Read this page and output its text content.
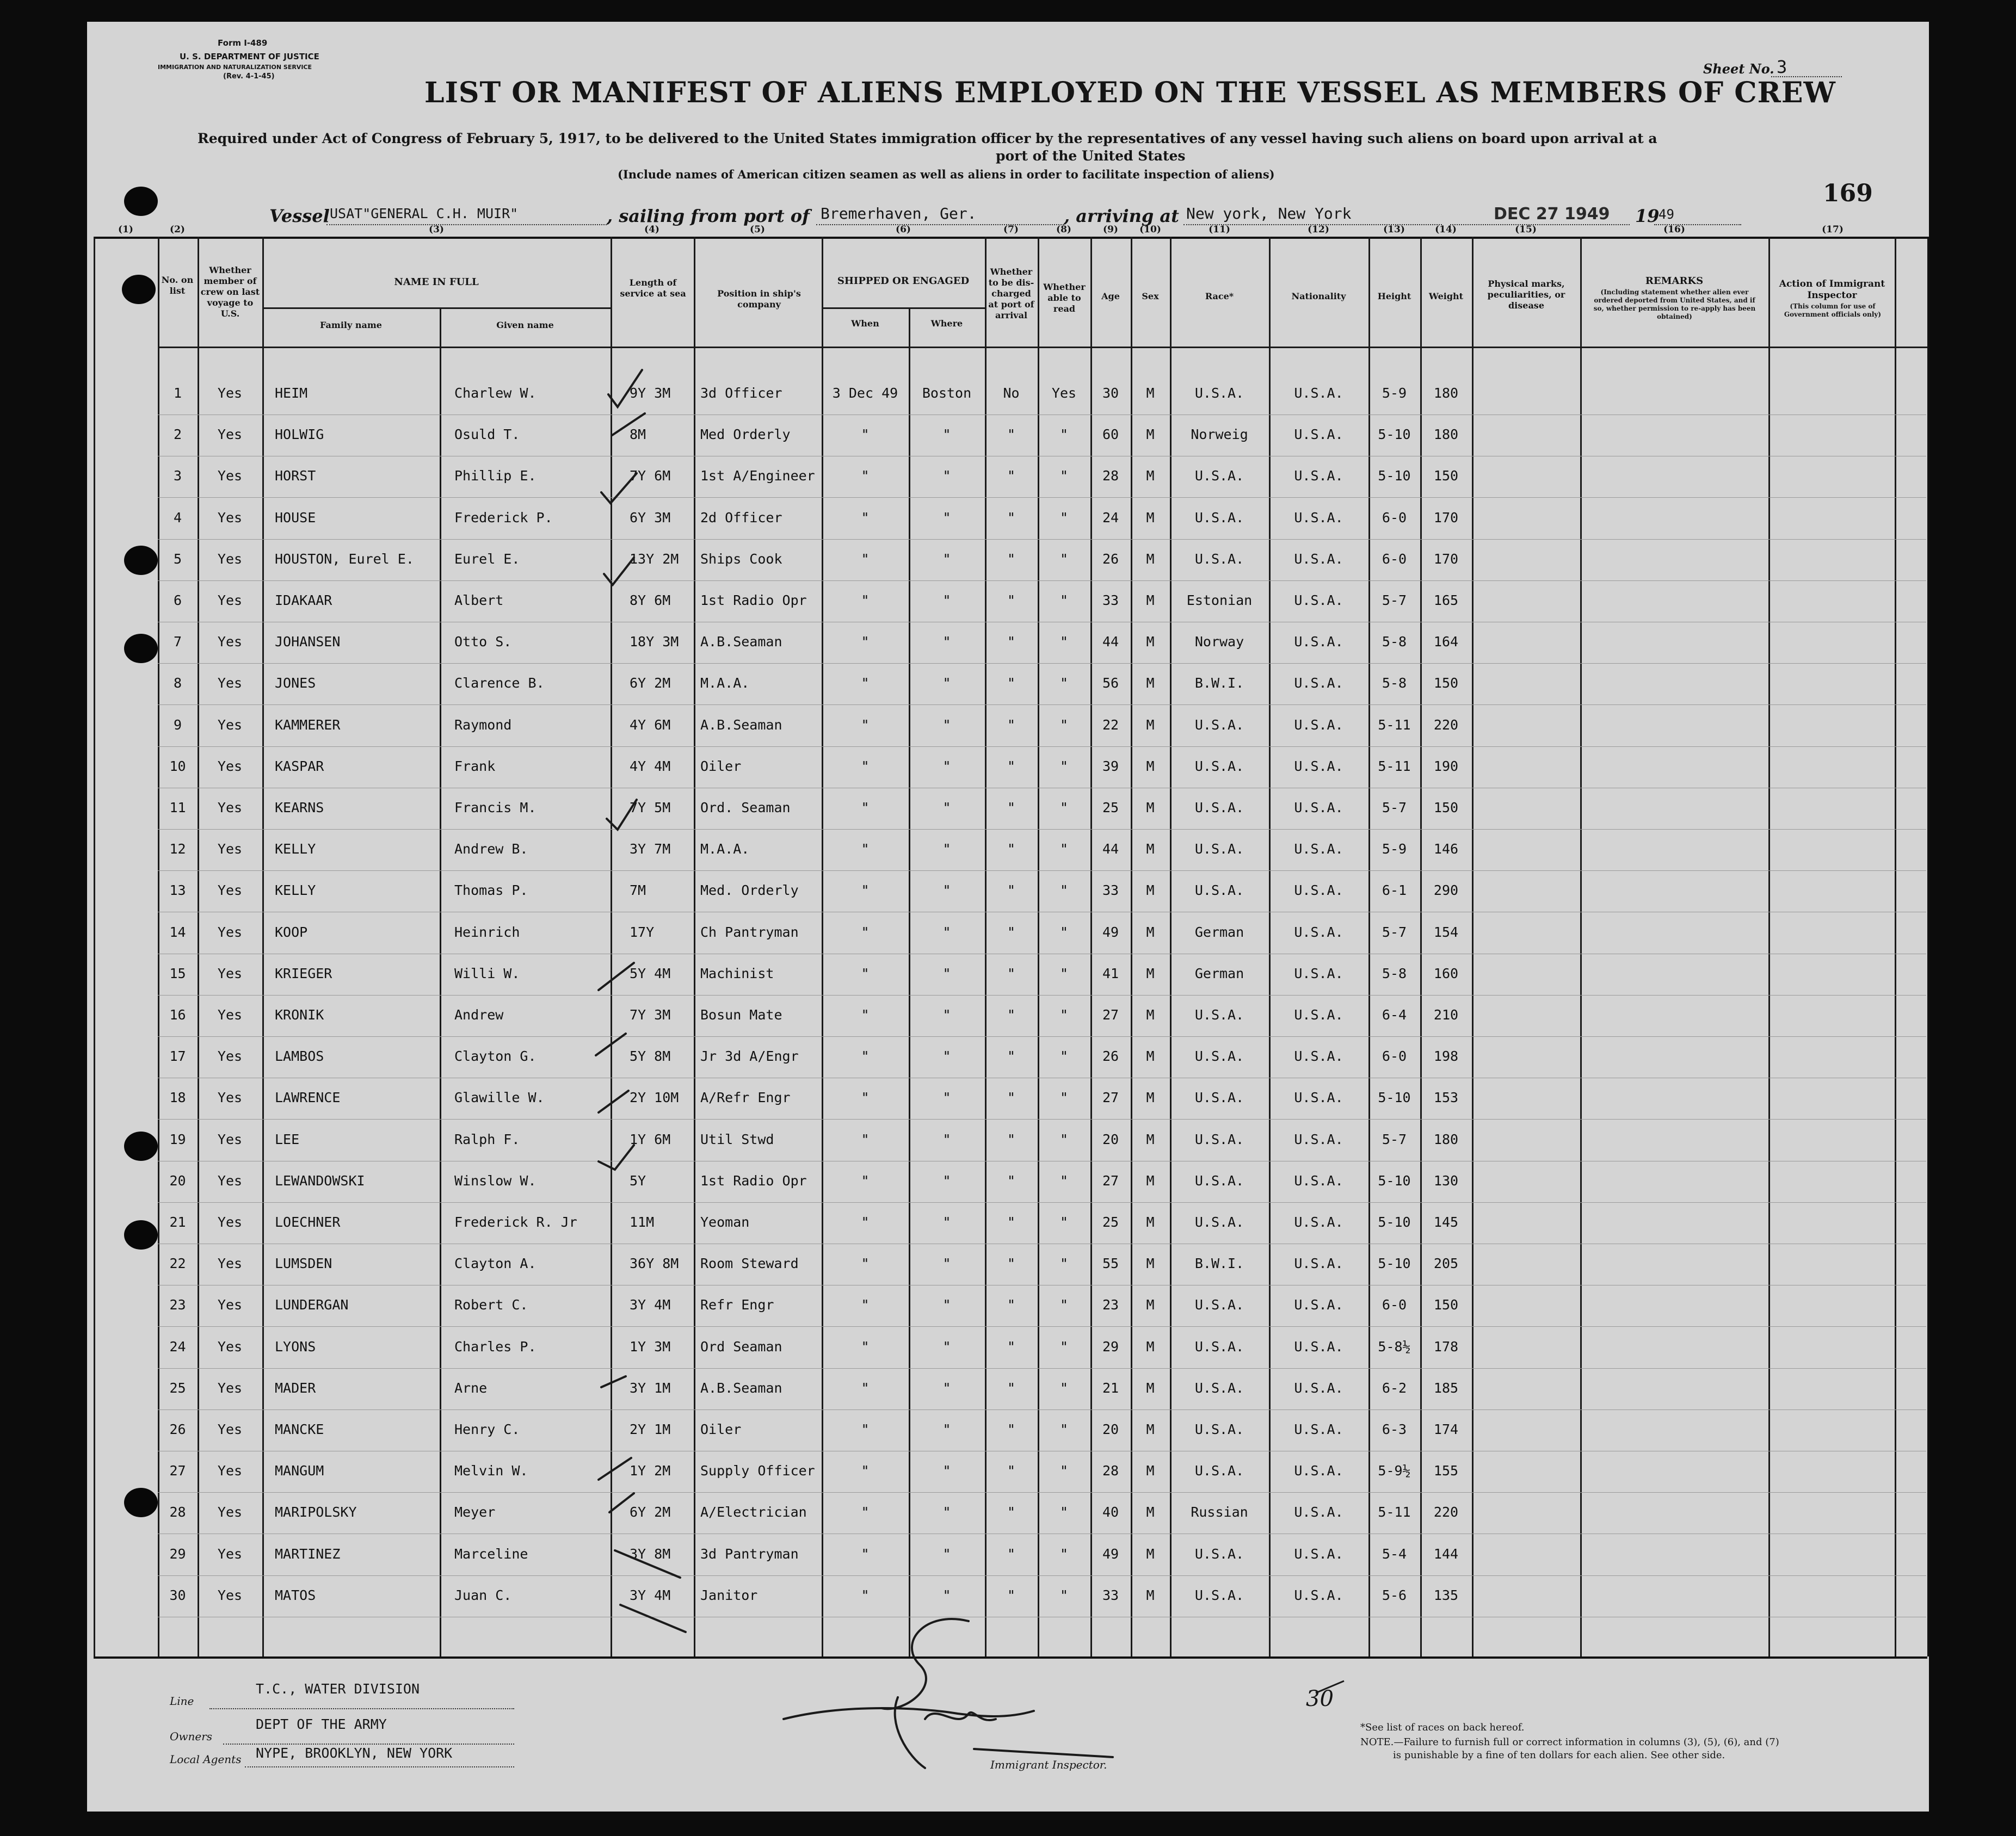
Form I-489
U. S. DEPARTMENT OF JUSTICE
IMMIGRATION AND NATURALIZATION SERVICE
(Rev. 4-1-45)	Sheet No. 3
LIST OR MANIFEST OF ALIENS EMPLOYED ON THE VESSEL AS MEMBERS OF CREW
Required under Act of Congress of February 5, 1917, to be delivered to the United States immigration officer by the representatives of any vessel having such aliens on board upon arrival at a
port of the United States
(Include names of American citizen seamen as well as aliens in order to facilitate inspection of aliens)
169
Vessel USAT"GENERAL C.H. MUIR"	, sailing from port of Bremerhaven, Ger.	, arriving at New york, New York	DEC 27 1949 19
49
(1)	(2)	(3)	(4)	(5)	(6)	(7)	(8)	(9)	(10)	(11)	(12)	(13)	(14)	(15)	(16)	(17)
No. on list
Whether member of crew on last voyage to U.S.
NAME IN FULL
Family name	Given name
Length of service at sea	Position in ship's company
SHIPPED OR ENGAGED
When	Where
Whether to be dis-charged at port of arrival
Whether able to read
Age	Sex	Race*	Nationality	Height	Weight
Physical marks, peculiarities, or disease
REMARKS
(Including statement whether alien ever ordered deported from United States, and if so, whether permission to re-apply has been obtained)
Action of Immigrant Inspector
(This column for use of Government officials only)
1	Yes	HEIM	Charlew W.	9Y 3M	3d Officer	3 Dec 49	Boston	No	Yes	30	M	U.S.A.	U.S.A.	5-9	180
2	Yes	HOLWIG	Osuld T.	8M	Med Orderly	"	"	"	"	60	M	Norweig	U.S.A.	5-10	180
3	Yes	HORST	Phillip E.	7Y 6M	1st A/Engineer	"	"	"	"	28	M	U.S.A.	U.S.A.	5-10	150
4	Yes	HOUSE	Frederick P.	6Y 3M	2d Officer	"	"	"	"	24	M	U.S.A.	U.S.A.	6-0	170
5	Yes	HOUSTON, Eurel E.	Eurel E.	13Y 2M	Ships Cook	"	"	"	"	26	M	U.S.A.	U.S.A.	6-0	170
6	Yes	IDAKAAR	Albert	8Y 6M	1st Radio Opr	"	"	"	"	33	M	Estonian	U.S.A.	5-7	165
7	Yes	JOHANSEN	Otto S.	18Y 3M	A.B.Seaman	"	"	"	"	44	M	Norway	U.S.A.	5-8	164
8	Yes	JONES	Clarence B.	6Y 2M	M.A.A.	"	"	"	"	56	M	B.W.I.	U.S.A.	5-8	150
9	Yes	KAMMERER	Raymond	4Y 6M	A.B.Seaman	"	"	"	"	22	M	U.S.A.	U.S.A.	5-11	220
10	Yes	KASPAR	Frank	4Y 4M	Oiler	"	"	"	"	39	M	U.S.A.	U.S.A.	5-11	190
11	Yes	KEARNS	Francis M.	7Y 5M	Ord. Seaman	"	"	"	"	25	M	U.S.A.	U.S.A.	5-7	150
12	Yes	KELLY	Andrew B.	3Y 7M	M.A.A.	"	"	"	"	44	M	U.S.A.	U.S.A.	5-9	146
13	Yes	KELLY	Thomas P.	7M	Med. Orderly	"	"	"	"	33	M	U.S.A.	U.S.A.	6-1	290
14	Yes	KOOP	Heinrich	17Y	Ch Pantryman	"	"	"	"	49	M	German	U.S.A.	5-7	154
15	Yes	KRIEGER	Willi W.	5Y 4M	Machinist	"	"	"	"	41	M	German	U.S.A.	5-8	160
16	Yes	KRONIK	Andrew	7Y 3M	Bosun Mate	"	"	"	"	27	M	U.S.A.	U.S.A.	6-4	210
17	Yes	LAMBOS	Clayton G.	5Y 8M	Jr 3d A/Engr	"	"	"	"	26	M	U.S.A.	U.S.A.	6-0	198
18	Yes	LAWRENCE	Glawille W.	2Y 10M	A/Refr Engr	"	"	"	"	27	M	U.S.A.	U.S.A.	5-10	153
19	Yes	LEE	Ralph F.	1Y 6M	Util Stwd	"	"	"	"	20	M	U.S.A.	U.S.A.	5-7	180
20	Yes	LEWANDOWSKI	Winslow W.	5Y	1st Radio Opr	"	"	"	"	27	M	U.S.A.	U.S.A.	5-10	130
21	Yes	LOECHNER	Frederick R. Jr	11M	Yeoman	"	"	"	"	25	M	U.S.A.	U.S.A.	5-10	145
22	Yes	LUMSDEN	Clayton A.	36Y 8M	Room Steward	"	"	"	"	55	M	B.W.I.	U.S.A.	5-10	205
23	Yes	LUNDERGAN	Robert C.	3Y 4M	Refr Engr	"	"	"	"	23	M	U.S.A.	U.S.A.	6-0	150
24	Yes	LYONS	Charles P.	1Y 3M	Ord Seaman	"	"	"	"	29	M	U.S.A.	U.S.A.	5-8½	178
25	Yes	MADER	Arne	3Y 1M	A.B.Seaman	"	"	"	"	21	M	U.S.A.	U.S.A.	6-2	185
26	Yes	MANCKE	Henry C.	2Y 1M	Oiler	"	"	"	"	20	M	U.S.A.	U.S.A.	6-3	174
27	Yes	MANGUM	Melvin W.	1Y 2M	Supply Officer	"	"	"	"	28	M	U.S.A.	U.S.A.	5-9½	155
28	Yes	MARIPOLSKY	Meyer	6Y 2M	A/Electrician	"	"	"	"	40	M	Russian	U.S.A.	5-11	220
29	Yes	MARTINEZ	Marceline	3Y 8M	3d Pantryman	"	"	"	"	49	M	U.S.A.	U.S.A.	5-4	144
30	Yes	MATOS	Juan C.	3Y 4M	Janitor	"	"	"	"	33	M	U.S.A.	U.S.A.	5-6	135
Line
T.C., WATER DIVISION
Owners
DEPT OF THE ARMY
Local Agents NYPE, BROOKLYN, NEW YORK
30
Immigrant Inspector.
*See list of races on back hereof.
NOTE.—Failure to furnish full or correct information in columns (3), (5), (6), and (7)
is punishable by a fine of ten dollars for each alien. See other side.
